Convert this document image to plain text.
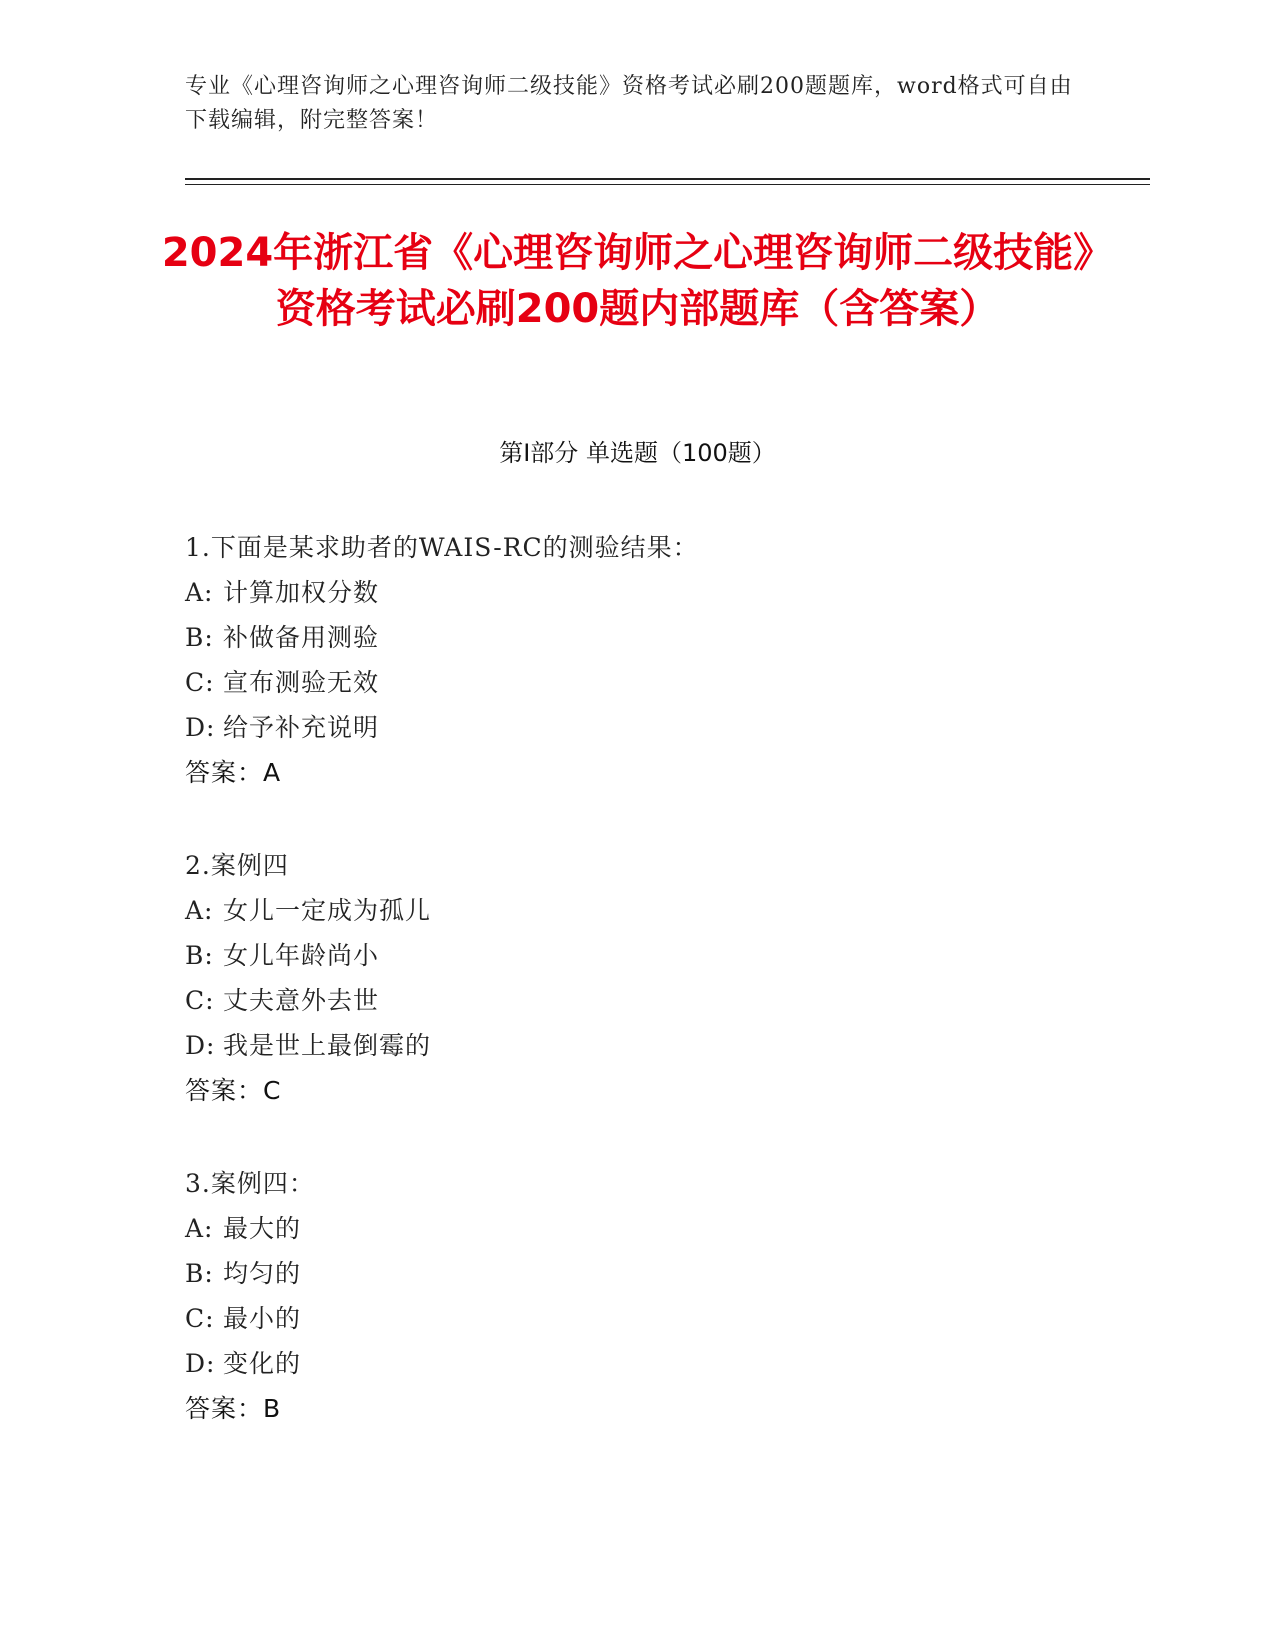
专业《心理咨询师之心理咨询师二级技能》资格考试必刷200题题库，word格式可自由下载编辑，附完整答案！
2024年浙江省《心理咨询师之心理咨询师二级技能》资格考试必刷200题内部题库（含答案）
第Ⅰ部分 单选题（100题）
1.下面是某求助者的WAIS-RC的测验结果：
A: 计算加权分数
B: 补做备用测验
C: 宣布测验无效
D: 给予补充说明
答案：A
2.案例四
A: 女儿一定成为孤儿
B: 女儿年龄尚小
C: 丈夫意外去世
D: 我是世上最倒霉的
答案：C
3.案例四：
A: 最大的
B: 均匀的
C: 最小的
D: 变化的
答案：B
